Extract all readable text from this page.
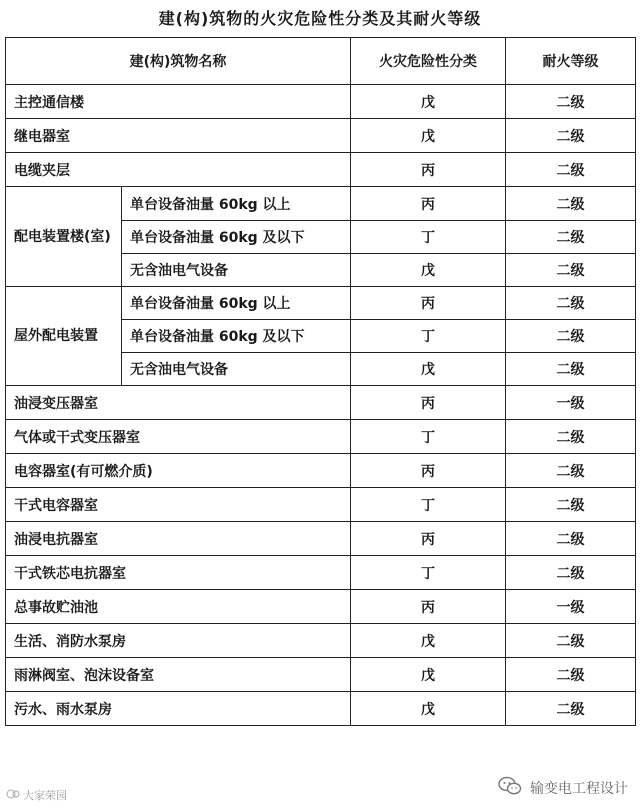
建(构)筑物的火灾危险性分类及其耐火等级
建(构)筑物名称		火灾危险性分类	耐火等级
主控通信楼		戊	二级
继电器室		戊	二级
电缆夹层		丙	二级
配电装置楼(室)	单台设备油量 60kg 以上	丙	二级
	单台设备油量 60kg 及以下	丁	二级
	无含油电气设备	戊	二级
屋外配电装置	单台设备油量 60kg 以上	丙	二级
	单台设备油量 60kg 及以下	丁	二级
	无含油电气设备	戊	二级
油浸变压器室		丙	一级
气体或干式变压器室		丁	二级
电容器室(有可燃介质)		丙	二级
干式电容器室		丁	二级
油浸电抗器室		丙	二级
干式铁芯电抗器室		丁	二级
总事故贮油池		丙	一级
生活、消防水泵房		戊	二级
雨淋阀室、泡沫设备室		戊	二级
污水、雨水泵房		戊	二级
大家荣园	输变电工程设计
